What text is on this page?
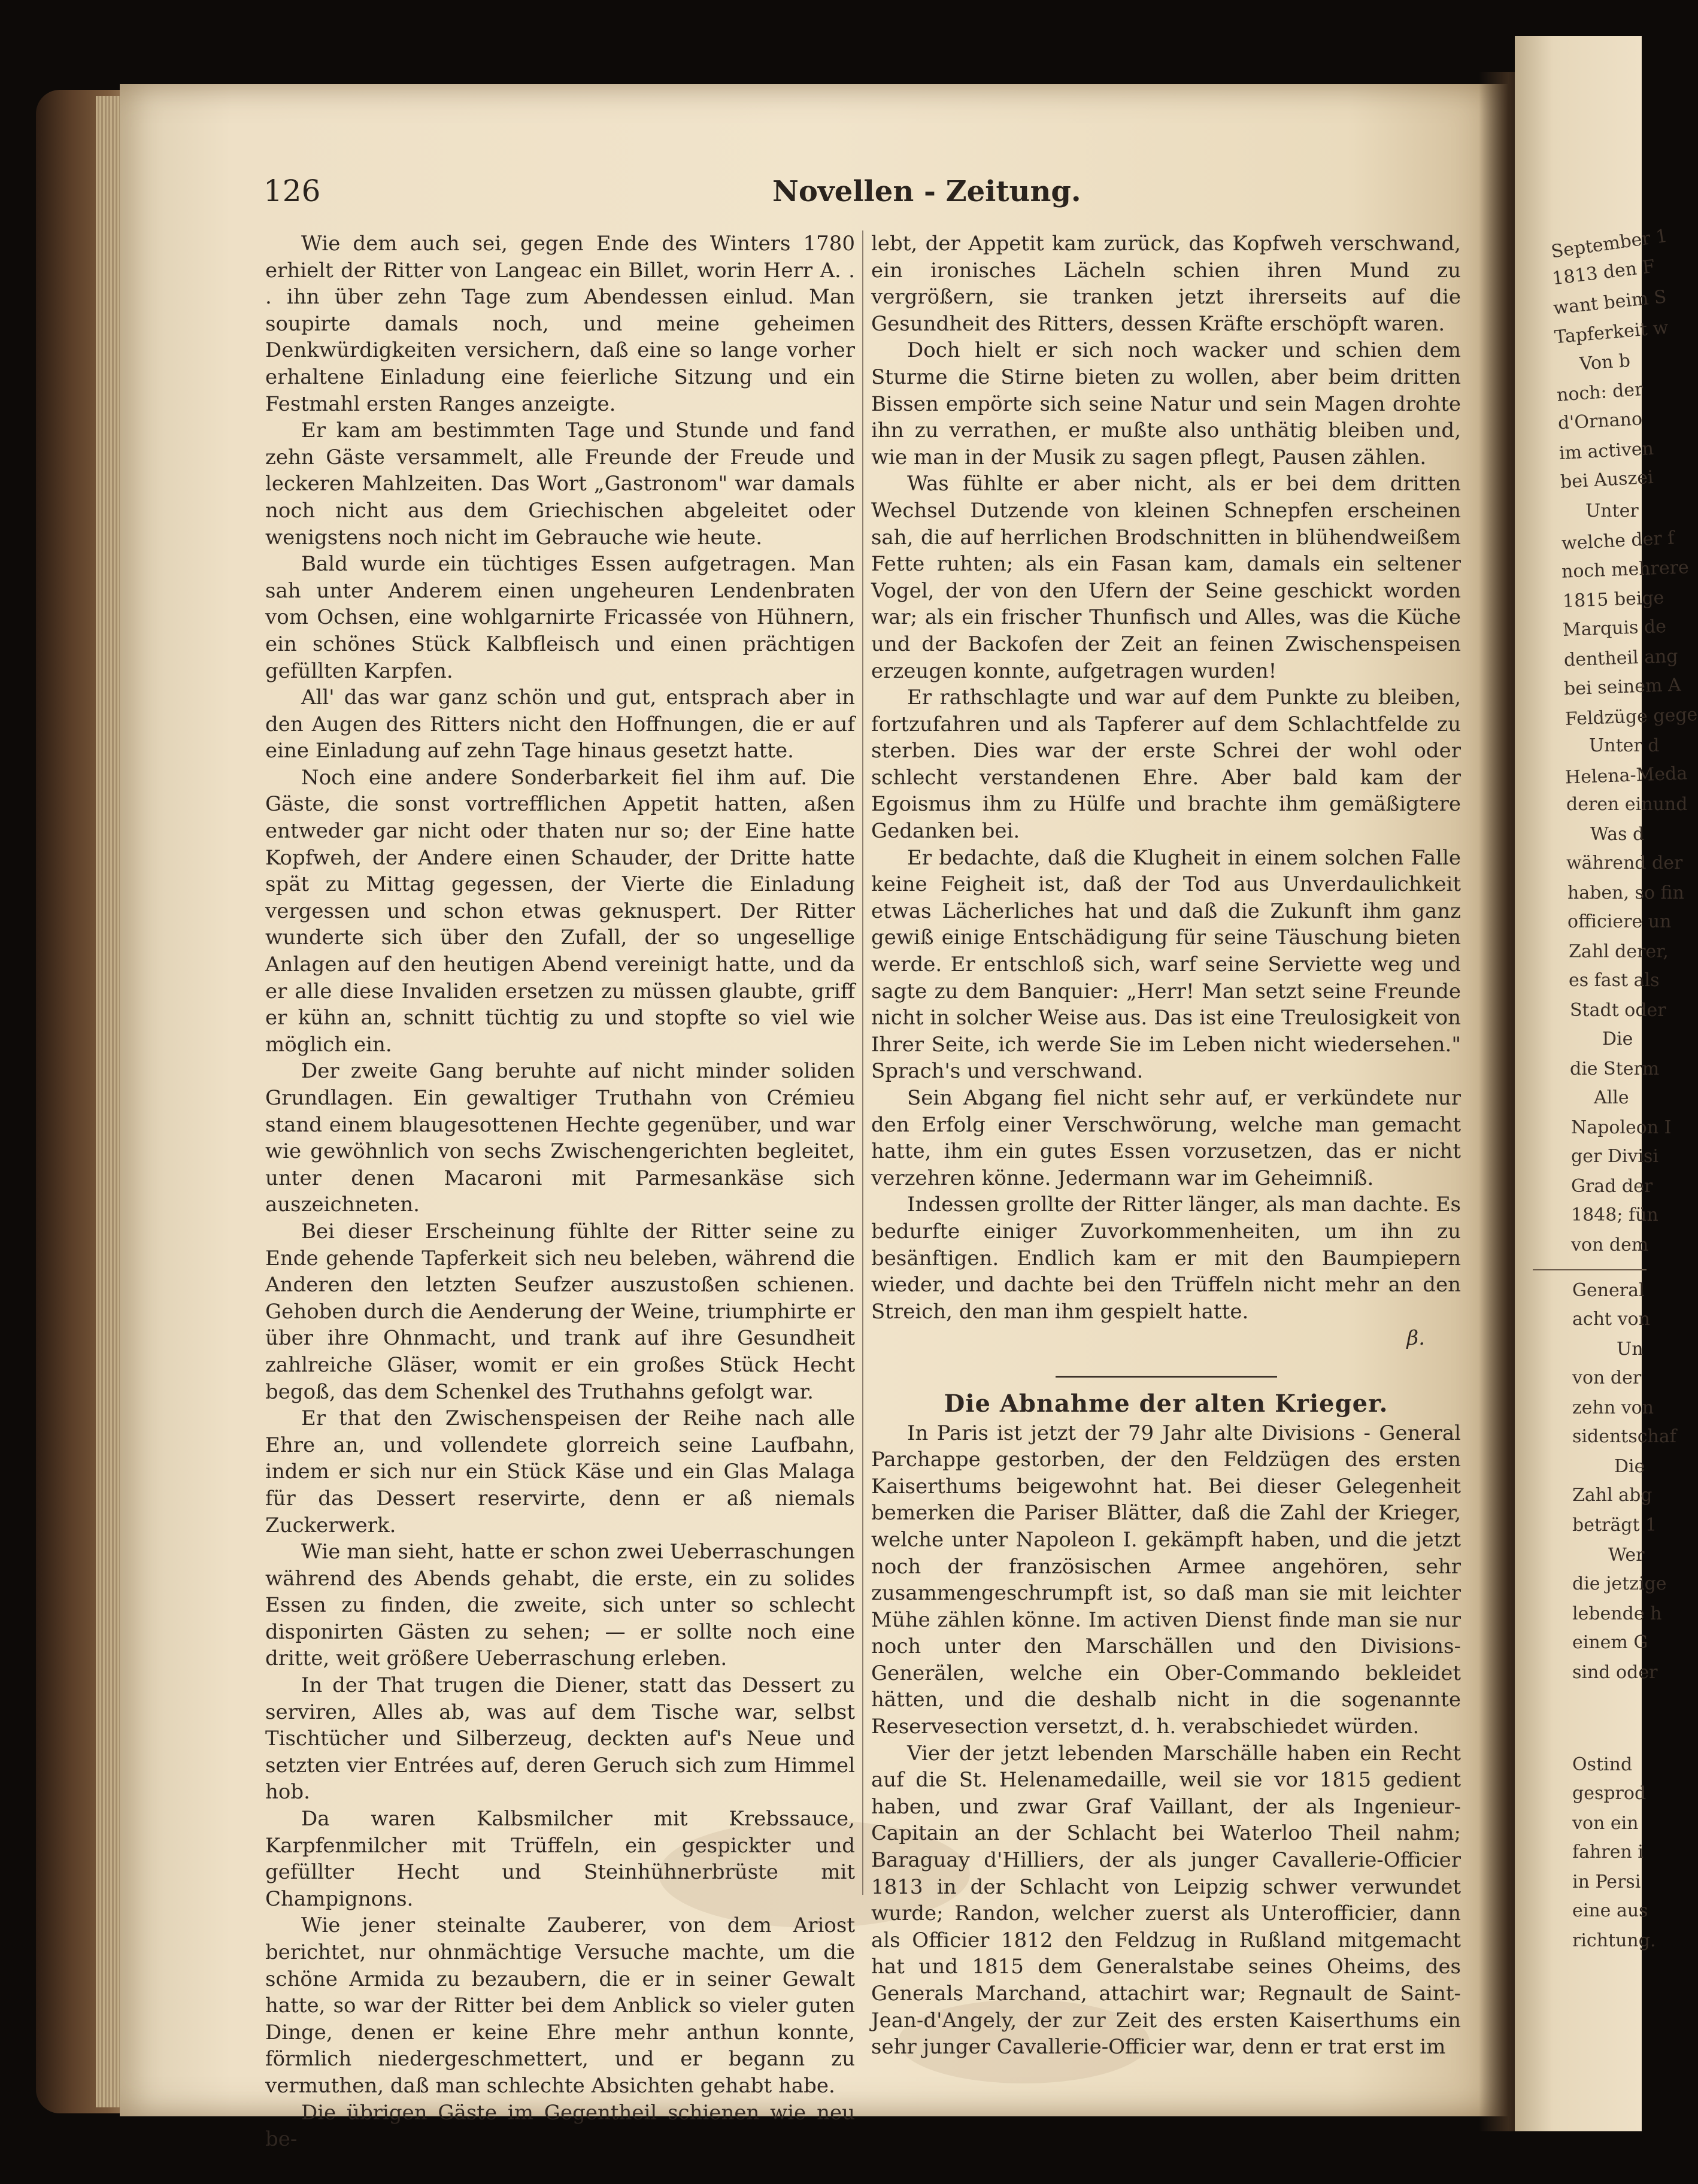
September 1
1813 den F
want beim S
Tapferkeit w
Von b
noch: der
d'Ornano
im activen
bei Auszei
Unter
welche der f
noch mehrere
1815 beige
Marquis de
dentheil ang
bei seinem A
Feldzüge gege
Unter d
Helena-Meda
deren einund
Was d
während der
haben, so fin
officiere un
Zahl derer,
es fast als
Stadt oder
Die
die Sterm
Alle
Napoleon I
ger Divisi
Grad der
1848; fün
von dem
General
acht von
Un
von der
zehn von
sidentschaf
Die
Zahl abg
beträgt 1
Wer
die jetzige
lebende h
einem G
sind oder
Ostind
gesprod
von ein
fahren i
in Persi
eine aus
richtung.
126	Novellen - Zeitung.

Wie dem auch sei, gegen Ende des Winters 1780 erhielt der Ritter von Langeac ein Billet, worin Herr A. . . ihn über zehn Tage zum Abendessen einlud. Man soupirte damals noch, und meine geheimen Denkwürdigkeiten versichern, daß eine so lange vorher erhaltene Einladung eine feierliche Sitzung und ein Festmahl ersten Ranges anzeigte.

Er kam am bestimmten Tage und Stunde und fand zehn Gäste versammelt, alle Freunde der Freude und leckeren Mahlzeiten. Das Wort „Gastronom" war damals noch nicht aus dem Griechischen abgeleitet oder wenigstens noch nicht im Gebrauche wie heute.

Bald wurde ein tüchtiges Essen aufgetragen. Man sah unter Anderem einen ungeheuren Lendenbraten vom Ochsen, eine wohlgarnirte Fricassée von Hühnern, ein schönes Stück Kalbfleisch und einen prächtigen gefüllten Karpfen.

All' das war ganz schön und gut, entsprach aber in den Augen des Ritters nicht den Hoffnungen, die er auf eine Einladung auf zehn Tage hinaus gesetzt hatte.

Noch eine andere Sonderbarkeit fiel ihm auf. Die Gäste, die sonst vortrefflichen Appetit hatten, aßen entweder gar nicht oder thaten nur so; der Eine hatte Kopfweh, der Andere einen Schauder, der Dritte hatte spät zu Mittag gegessen, der Vierte die Einladung vergessen und schon etwas geknuspert. Der Ritter wunderte sich über den Zufall, der so ungesellige Anlagen auf den heutigen Abend vereinigt hatte, und da er alle diese Invaliden ersetzen zu müssen glaubte, griff er kühn an, schnitt tüchtig zu und stopfte so viel wie möglich ein.

Der zweite Gang beruhte auf nicht minder soliden Grundlagen. Ein gewaltiger Truthahn von Crémieu stand einem blaugesottenen Hechte gegenüber, und war wie gewöhnlich von sechs Zwischengerichten begleitet, unter denen Macaroni mit Parmesankäse sich auszeichneten.

Bei dieser Erscheinung fühlte der Ritter seine zu Ende gehende Tapferkeit sich neu beleben, während die Anderen den letzten Seufzer auszustoßen schienen. Gehoben durch die Aenderung der Weine, triumphirte er über ihre Ohnmacht, und trank auf ihre Gesundheit zahlreiche Gläser, womit er ein großes Stück Hecht begoß, das dem Schenkel des Truthahns gefolgt war.

Er that den Zwischenspeisen der Reihe nach alle Ehre an, und vollendete glorreich seine Laufbahn, indem er sich nur ein Stück Käse und ein Glas Malaga für das Dessert reservirte, denn er aß niemals Zuckerwerk.

Wie man sieht, hatte er schon zwei Ueberraschungen während des Abends gehabt, die erste, ein zu solides Essen zu finden, die zweite, sich unter so schlecht disponirten Gästen zu sehen; — er sollte noch eine dritte, weit größere Ueberraschung erleben.

In der That trugen die Diener, statt das Dessert zu serviren, Alles ab, was auf dem Tische war, selbst Tischtücher und Silberzeug, deckten auf's Neue und setzten vier Entrées auf, deren Geruch sich zum Himmel hob.

Da waren Kalbsmilcher mit Krebssauce, Karpfenmilcher mit Trüffeln, ein gespickter und gefüllter Hecht und Steinhühnerbrüste mit Champignons.

Wie jener steinalte Zauberer, von dem Ariost berichtet, nur ohnmächtige Versuche machte, um die schöne Armida zu bezaubern, die er in seiner Gewalt hatte, so war der Ritter bei dem Anblick so vieler guten Dinge, denen er keine Ehre mehr anthun konnte, förmlich niedergeschmettert, und er begann zu vermuthen, daß man schlechte Absichten gehabt habe.

Die übrigen Gäste im Gegentheil schienen wie neu be-

lebt, der Appetit kam zurück, das Kopfweh verschwand, ein ironisches Lächeln schien ihren Mund zu vergrößern, sie tranken jetzt ihrerseits auf die Gesundheit des Ritters, dessen Kräfte erschöpft waren.

Doch hielt er sich noch wacker und schien dem Sturme die Stirne bieten zu wollen, aber beim dritten Bissen empörte sich seine Natur und sein Magen drohte ihn zu verrathen, er mußte also unthätig bleiben und, wie man in der Musik zu sagen pflegt, Pausen zählen.

Was fühlte er aber nicht, als er bei dem dritten Wechsel Dutzende von kleinen Schnepfen erscheinen sah, die auf herrlichen Brodschnitten in blühendweißem Fette ruhten; als ein Fasan kam, damals ein seltener Vogel, der von den Ufern der Seine geschickt worden war; als ein frischer Thunfisch und Alles, was die Küche und der Backofen der Zeit an feinen Zwischenspeisen erzeugen konnte, aufgetragen wurden!

Er rathschlagte und war auf dem Punkte zu bleiben, fortzufahren und als Tapferer auf dem Schlachtfelde zu sterben. Dies war der erste Schrei der wohl oder schlecht verstandenen Ehre. Aber bald kam der Egoismus ihm zu Hülfe und brachte ihm gemäßigtere Gedanken bei.

Er bedachte, daß die Klugheit in einem solchen Falle keine Feigheit ist, daß der Tod aus Unverdaulichkeit etwas Lächerliches hat und daß die Zukunft ihm ganz gewiß einige Entschädigung für seine Täuschung bieten werde. Er entschloß sich, warf seine Serviette weg und sagte zu dem Banquier: „Herr! Man setzt seine Freunde nicht in solcher Weise aus. Das ist eine Treulosigkeit von Ihrer Seite, ich werde Sie im Leben nicht wiedersehen." Sprach's und verschwand.

Sein Abgang fiel nicht sehr auf, er verkündete nur den Erfolg einer Verschwörung, welche man gemacht hatte, ihm ein gutes Essen vorzusetzen, das er nicht verzehren könne. Jedermann war im Geheimniß.

Indessen grollte der Ritter länger, als man dachte. Es bedurfte einiger Zuvorkommenheiten, um ihn zu besänftigen. Endlich kam er mit den Baumpiepern wieder, und dachte bei den Trüffeln nicht mehr an den Streich, den man ihm gespielt hatte.

β.

Die Abnahme der alten Krieger.

In Paris ist jetzt der 79 Jahr alte Divisions - General Parchappe gestorben, der den Feldzügen des ersten Kaiserthums beigewohnt hat. Bei dieser Gelegenheit bemerken die Pariser Blätter, daß die Zahl der Krieger, welche unter Napoleon I. gekämpft haben, und die jetzt noch der französischen Armee angehören, sehr zusammengeschrumpft ist, so daß man sie mit leichter Mühe zählen könne. Im activen Dienst finde man sie nur noch unter den Marschällen und den Divisions-Generälen, welche ein Ober-Commando bekleidet hätten, und die deshalb nicht in die sogenannte Reservesection versetzt, d. h. verabschiedet würden.

Vier der jetzt lebenden Marschälle haben ein Recht auf die St. Helenamedaille, weil sie vor 1815 gedient haben, und zwar Graf Vaillant, der als Ingenieur-Capitain an der Schlacht bei Waterloo Theil nahm; Baraguay d'Hilliers, der als junger Cavallerie-Officier 1813 in der Schlacht von Leipzig schwer verwundet wurde; Randon, welcher zuerst als Unterofficier, dann als Officier 1812 den Feldzug in Rußland mitgemacht hat und 1815 dem Generalstabe seines Oheims, des Generals Marchand, attachirt war; Regnault de Saint-Jean-d'Angely, der zur Zeit des ersten Kaiserthums ein sehr junger Cavallerie-Officier war, denn er trat erst im
